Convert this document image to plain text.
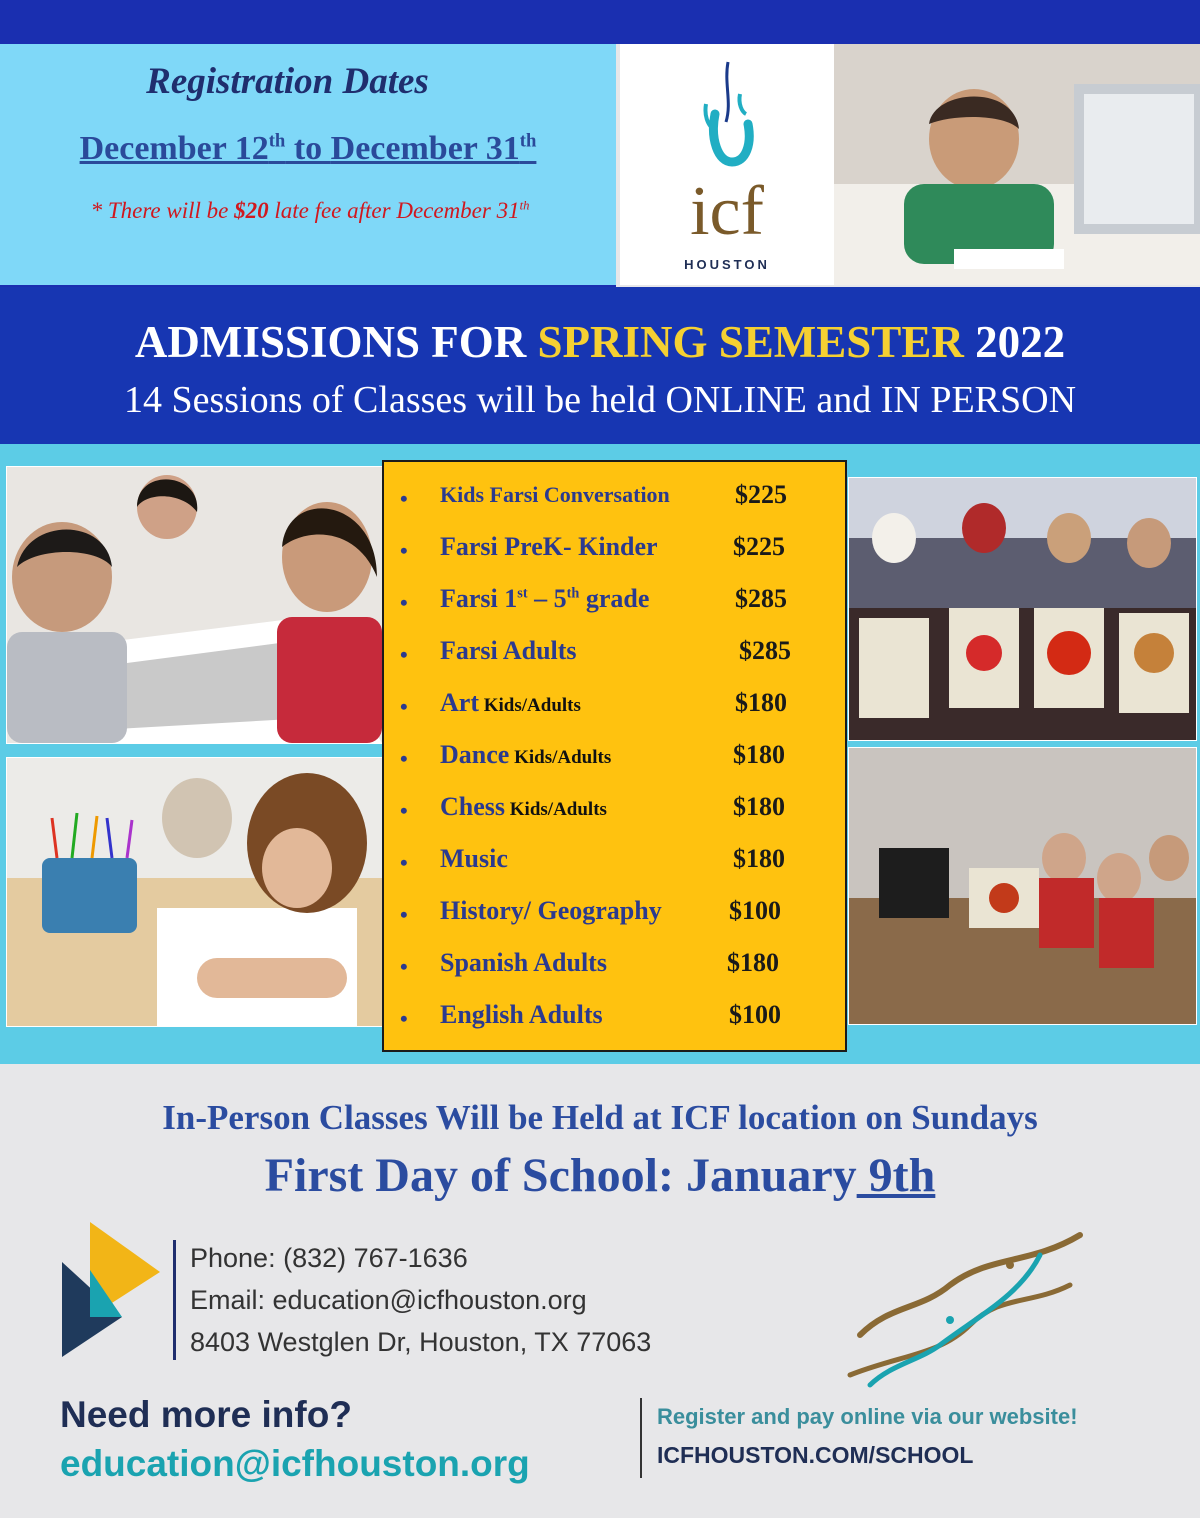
Registration Dates
December 12th to December 31th
* There will be $20 late fee after December 31th	icf
HOUSTON
ADMISSIONS FOR SPRING SEMESTER 2022
14 Sessions of Classes will be held ONLINE and IN PERSON
• Kids Farsi Conversation	$225
• Farsi PreK- Kinder	$225
• Farsi 1st – 5th grade	$285
• Farsi Adults	$285
• Art Kids/Adults	$180
• Dance Kids/Adults	$180
• Chess Kids/Adults	$180
• Music	$180
• History/ Geography	$100
• Spanish Adults	$180
• English Adults	$100
In-Person Classes Will be Held at ICF location on Sundays
First Day of School: January 9th
Phone: (832) 767-1636
Email: education@icfhouston.org
8403 Westglen Dr, Houston, TX 77063
Need more info?
education@icfhouston.org
Register and pay online via our website!
ICFHOUSTON.COM/SCHOOL
